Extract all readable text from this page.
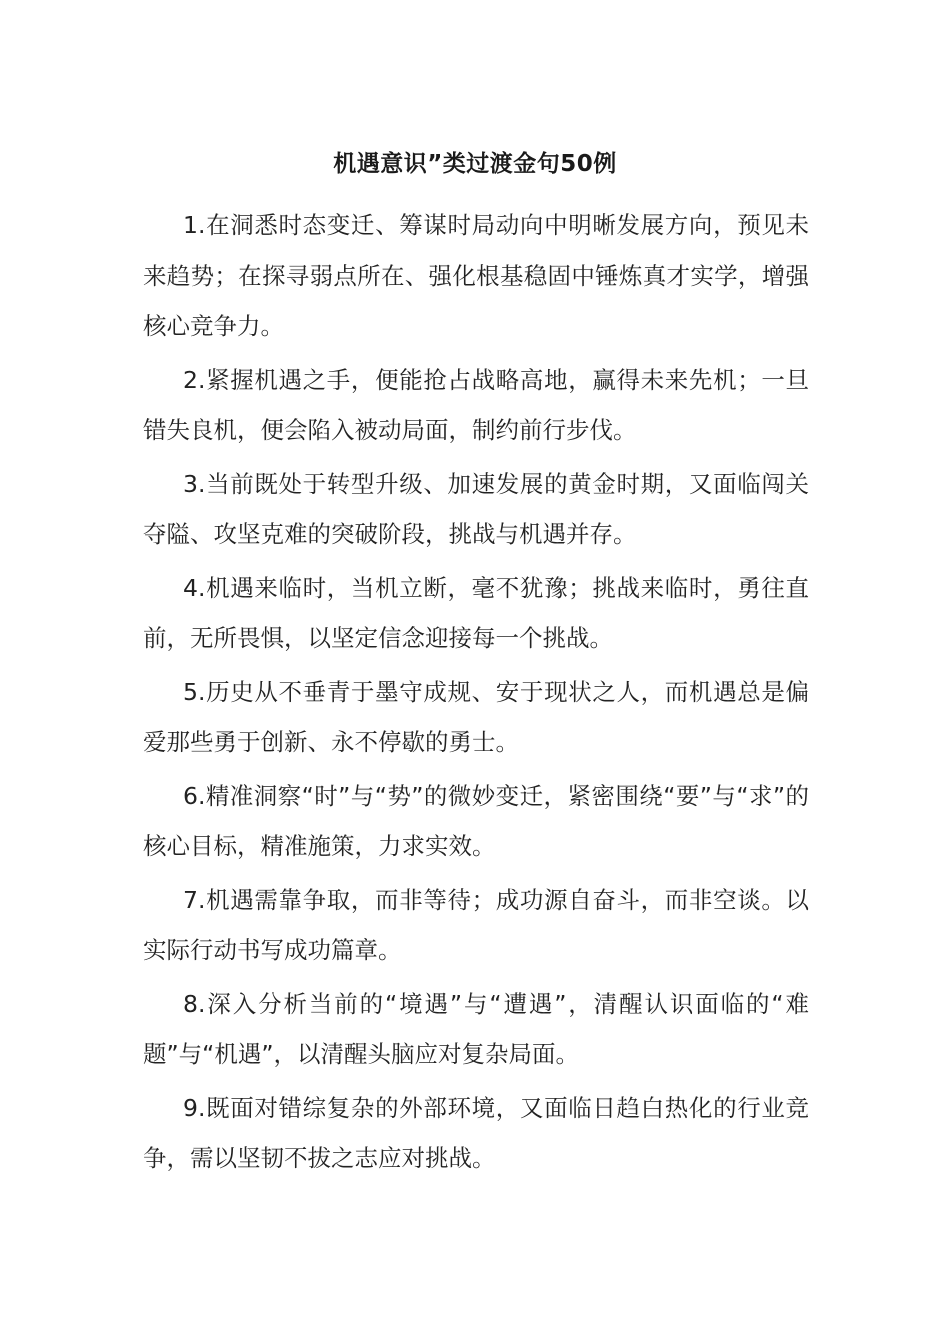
机遇意识”类过渡金句50例

1.在洞悉时态变迁、筹谋时局动向中明晰发展方向，预见未来趋势；在探寻弱点所在、强化根基稳固中锤炼真才实学，增强核心竞争力。

2.紧握机遇之手，便能抢占战略高地，赢得未来先机；一旦错失良机，便会陷入被动局面，制约前行步伐。

3.当前既处于转型升级、加速发展的黄金时期，又面临闯关夺隘、攻坚克难的突破阶段，挑战与机遇并存。

4.机遇来临时，当机立断，毫不犹豫；挑战来临时，勇往直前，无所畏惧，以坚定信念迎接每一个挑战。

5.历史从不垂青于墨守成规、安于现状之人，而机遇总是偏爱那些勇于创新、永不停歇的勇士。

6.精准洞察“时”与“势”的微妙变迁，紧密围绕“要”与“求”的核心目标，精准施策，力求实效。

7.机遇需靠争取，而非等待；成功源自奋斗，而非空谈。以实际行动书写成功篇章。

8.深入分析当前的“境遇”与“遭遇”，清醒认识面临的“难题”与“机遇”，以清醒头脑应对复杂局面。

9.既面对错综复杂的外部环境，又面临日趋白热化的行业竞争，需以坚韧不拔之志应对挑战。
